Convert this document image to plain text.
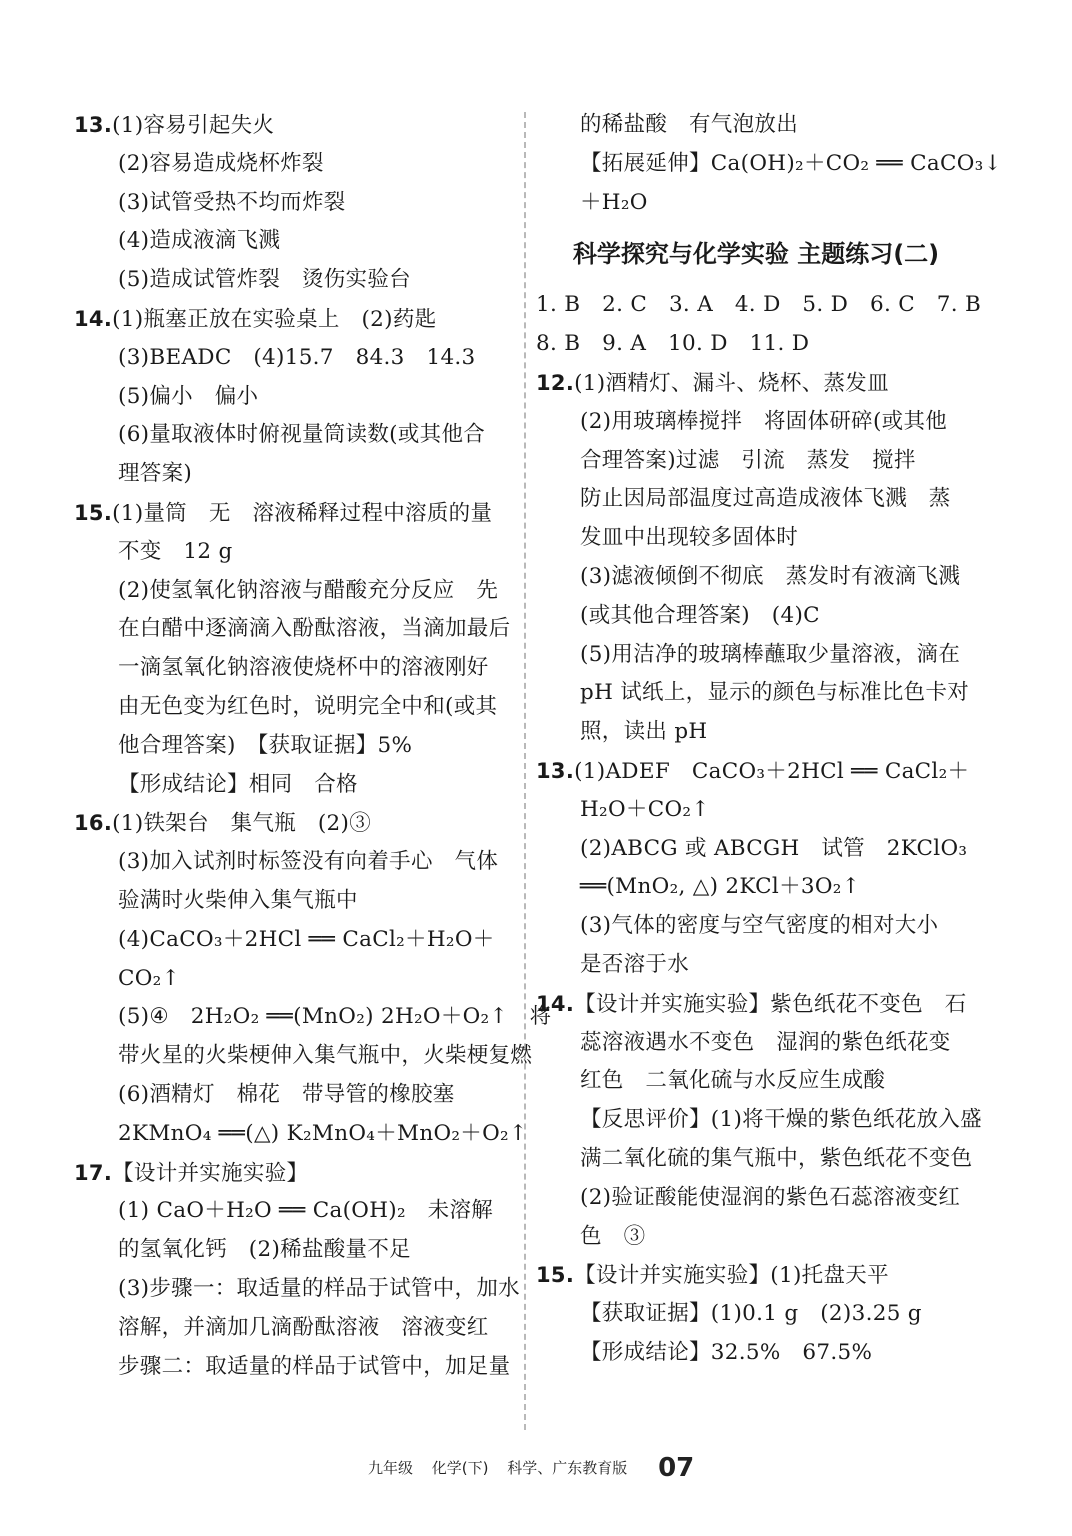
13.(1)容易引起失火
(2)容易造成烧杯炸裂
(3)试管受热不均而炸裂
(4)造成液滴飞溅
(5)造成试管炸裂　烫伤实验台
14.(1)瓶塞正放在实验桌上　(2)药匙
(3)BEADC　(4)15.7　84.3　14.3
(5)偏小　偏小
(6)量取液体时俯视量筒读数(或其他合
理答案)
15.(1)量筒　无　溶液稀释过程中溶质的量
不变　12 g
(2)使氢氧化钠溶液与醋酸充分反应　先
在白醋中逐滴滴入酚酞溶液，当滴加最后
一滴氢氧化钠溶液使烧杯中的溶液刚好
由无色变为红色时，说明完全中和(或其
他合理答案)　【获取证据】5%
【形成结论】相同　合格
16.(1)铁架台　集气瓶　(2)③
(3)加入试剂时标签没有向着手心　气体
验满时火柴伸入集气瓶中
(4)CaCO₃＋2HCl ══ CaCl₂＋H₂O＋
CO₂↑
(5)④　2H₂O₂ ══(MnO₂) 2H₂O＋O₂↑　将
带火星的火柴梗伸入集气瓶中，火柴梗复燃
(6)酒精灯　棉花　带导管的橡胶塞
2KMnO₄ ══(△) K₂MnO₄＋MnO₂＋O₂↑
17.【设计并实施实验】
(1) CaO＋H₂O ══ Ca(OH)₂　未溶解
的氢氧化钙　(2)稀盐酸量不足
(3)步骤一：取适量的样品于试管中，加水
溶解，并滴加几滴酚酞溶液　溶液变红
步骤二：取适量的样品于试管中，加足量
的稀盐酸　有气泡放出
【拓展延伸】Ca(OH)₂＋CO₂ ══ CaCO₃↓
＋H₂O
科学探究与化学实验 主题练习(二)
1. B　2. C　3. A　4. D　5. D　6. C　7. B
8. B　9. A　10. D　11. D
12.(1)酒精灯、漏斗、烧杯、蒸发皿
(2)用玻璃棒搅拌　将固体研碎(或其他
合理答案)过滤　引流　蒸发　搅拌
防止因局部温度过高造成液体飞溅　蒸
发皿中出现较多固体时
(3)滤液倾倒不彻底　蒸发时有液滴飞溅
(或其他合理答案)　(4)C
(5)用洁净的玻璃棒蘸取少量溶液，滴在
pH 试纸上，显示的颜色与标准比色卡对
照，读出 pH
13.(1)ADEF　CaCO₃＋2HCl ══ CaCl₂＋
H₂O＋CO₂↑
(2)ABCG 或 ABCGH　试管　2KClO₃
══(MnO₂, △) 2KCl＋3O₂↑
(3)气体的密度与空气密度的相对大小
是否溶于水
14.【设计并实施实验】紫色纸花不变色　石
蕊溶液遇水不变色　湿润的紫色纸花变
红色　二氧化硫与水反应生成酸
【反思评价】(1)将干燥的紫色纸花放入盛
满二氧化硫的集气瓶中，紫色纸花不变色
(2)验证酸能使湿润的紫色石蕊溶液变红
色　③
15.【设计并实施实验】(1)托盘天平
【获取证据】(1)0.1 g　(2)3.25 g
【形成结论】32.5%　67.5%
九年级 化学(下) 科学、广东教育版 07
